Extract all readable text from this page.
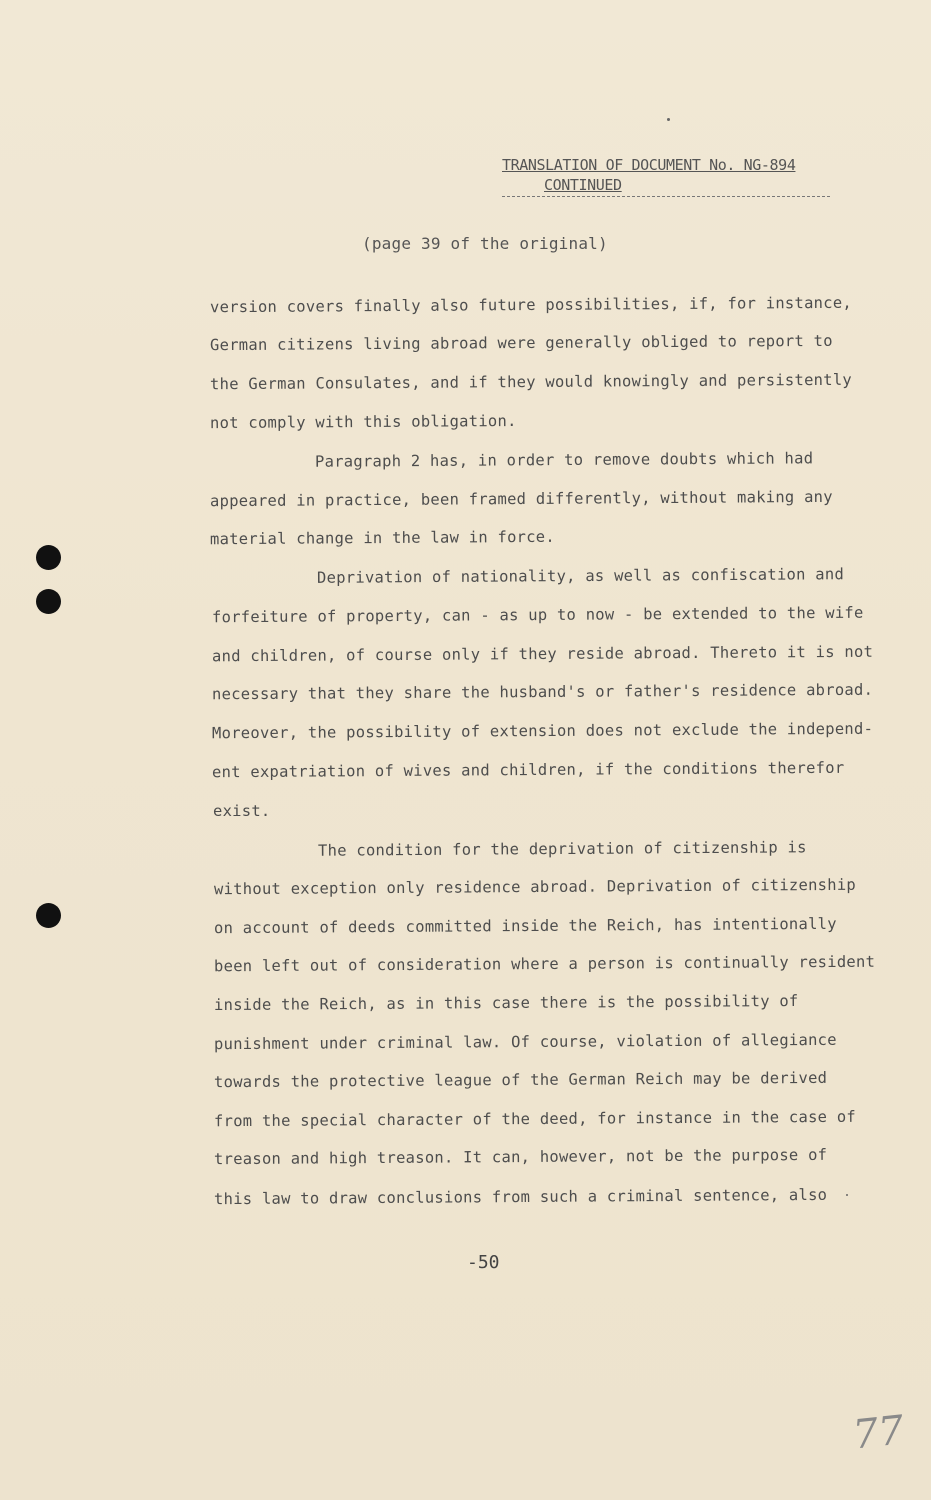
TRANSLATION OF DOCUMENT No. NG-894
CONTINUED
(page 39 of the original)
version covers finally also future possibilities, if, for instance,
German citizens living abroad were generally obliged to report to
the German Consulates, and if they would knowingly and persistently
not comply with this obligation.
Paragraph 2 has, in order to remove doubts which had
appeared in practice, been framed differently, without making any
material change in the law in force.
Deprivation of nationality, as well as confiscation and
forfeiture of property, can - as up to now - be extended to the wife
and children, of course only if they reside abroad. Thereto it is not
necessary that they share the husband's or father's residence abroad.
Moreover, the possibility of extension does not exclude the independ-
ent expatriation of wives and children, if the conditions therefor
exist.
The condition for the deprivation of citizenship is
without exception only residence abroad. Deprivation of citizenship
on account of deeds committed inside the Reich, has intentionally
been left out of consideration where a person is continually resident
inside the Reich, as in this case there is the possibility of
punishment under criminal law. Of course, violation of allegiance
towards the protective league of the German Reich may be derived
from the special character of the deed, for instance in the case of
treason and high treason. It can, however, not be the purpose of
this law to draw conclusions from such a criminal sentence, also
-50
77
